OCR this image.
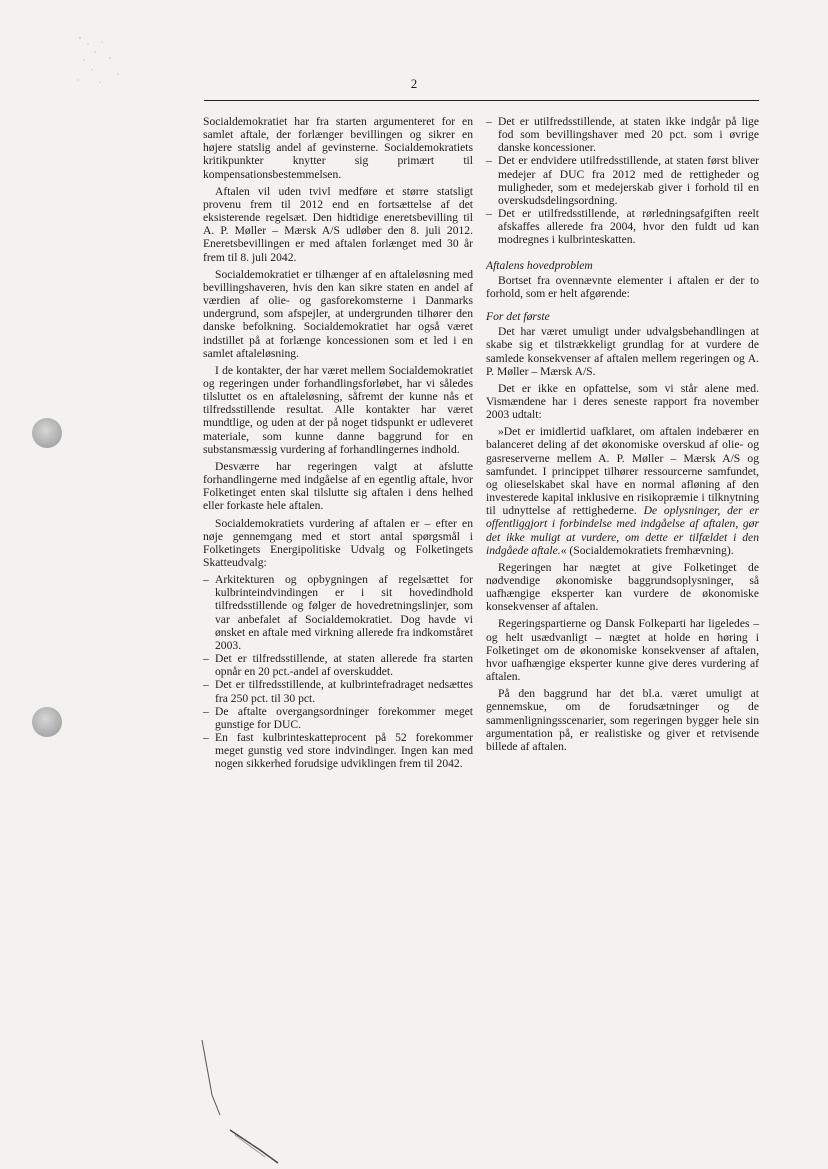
2

Socialdemokratiet har fra starten argumenteret for en samlet aftale, der forlænger bevillingen og sikrer en højere statslig andel af gevinsterne. Socialdemokratiets kritikpunkter knytter sig primært til kompensationsbestemmelsen.

Aftalen vil uden tvivl medføre et større statsligt provenu frem til 2012 end en fortsættelse af det eksisterende regelsæt. Den hidtidige eneretsbevilling til A. P. Møller – Mærsk A/S udløber den 8. juli 2012. Eneretsbevillingen er med aftalen forlænget med 30 år frem til 8. juli 2042.

Socialdemokratiet er tilhænger af en aftaleløsning med bevillingshaveren, hvis den kan sikre staten en andel af værdien af olie- og gasforekomsterne i Danmarks undergrund, som afspejler, at undergrunden tilhører den danske befolkning. Socialdemokratiet har også været indstillet på at forlænge koncessionen som et led i en samlet aftaleløsning.

I de kontakter, der har været mellem Socialdemokratiet og regeringen under forhandlingsforløbet, har vi således tilsluttet os en aftaleløsning, såfremt der kunne nås et tilfredsstillende resultat. Alle kontakter har været mundtlige, og uden at der på noget tidspunkt er udleveret materiale, som kunne danne baggrund for en substansmæssig vurdering af forhandlingernes indhold.

Desværre har regeringen valgt at afslutte forhandlingerne med indgåelse af en egentlig aftale, hvor Folketinget enten skal tilslutte sig aftalen i dens helhed eller forkaste hele aftalen.

Socialdemokratiets vurdering af aftalen er – efter en nøje gennemgang med et stort antal spørgsmål i Folketingets Energipolitiske Udvalg og Folketingets Skatteudvalg:

– Arkitekturen og opbygningen af regelsættet for kulbrinteindvindingen er i sit hovedindhold tilfredsstillende og følger de hovedretningslinjer, som var anbefalet af Socialdemokratiet. Dog havde vi ønsket en aftale med virkning allerede fra indkomståret 2003.
– Det er tilfredsstillende, at staten allerede fra starten opnår en 20 pct.-andel af overskuddet.
– Det er tilfredsstillende, at kulbrintefradraget nedsættes fra 250 pct. til 30 pct.
– De aftalte overgangsordninger forekommer meget gunstige for DUC.
– En fast kulbrinteskatteprocent på 52 forekommer meget gunstig ved store indvindinger. Ingen kan med nogen sikkerhed forudsige udviklingen frem til 2042.
– Det er utilfredsstillende, at staten ikke indgår på lige fod som bevillingshaver med 20 pct. som i øvrige danske koncessioner.
– Det er endvidere utilfredsstillende, at staten først bliver medejer af DUC fra 2012 med de rettigheder og muligheder, som et medejerskab giver i forhold til en overskudsdelingsordning.
– Det er utilfredsstillende, at rørledningsafgiften reelt afskaffes allerede fra 2004, hvor den fuldt ud kan modregnes i kulbrinteskatten.
Aftalens hovedproblem

Bortset fra ovennævnte elementer i aftalen er der to forhold, som er helt afgørende:

For det første

Det har været umuligt under udvalgsbehandlingen at skabe sig et tilstrækkeligt grundlag for at vurdere de samlede konsekvenser af aftalen mellem regeringen og A. P. Møller – Mærsk A/S.

Det er ikke en opfattelse, som vi står alene med. Vismændene har i deres seneste rapport fra november 2003 udtalt:

»Det er imidlertid uafklaret, om aftalen indebærer en balanceret deling af det økonomiske overskud af olie- og gasreserverne mellem A. P. Møller – Mærsk A/S og samfundet. I princippet tilhører ressourcerne samfundet, og olieselskabet skal have en normal afløning af den investerede kapital inklusive en risikopræmie i tilknytning til udnyttelse af rettighederne. De oplysninger, der er offentliggjort i forbindelse med indgåelse af aftalen, gør det ikke muligt at vurdere, om dette er tilfældet i den indgåede aftale.« (Socialdemokratiets fremhævning).

Regeringen har nægtet at give Folketinget de nødvendige økonomiske baggrundsoplysninger, så uafhængige eksperter kan vurdere de økonomiske konsekvenser af aftalen.

Regeringspartierne og Dansk Folkeparti har ligeledes – og helt usædvanligt – nægtet at holde en høring i Folketinget om de økonomiske konsekvenser af aftalen, hvor uafhængige eksperter kunne give deres vurdering af aftalen.

På den baggrund har det bl.a. været umuligt at gennemskue, om de forudsætninger og de sammenligningsscenarier, som regeringen bygger hele sin argumentation på, er realistiske og giver et retvisende billede af aftalen.
